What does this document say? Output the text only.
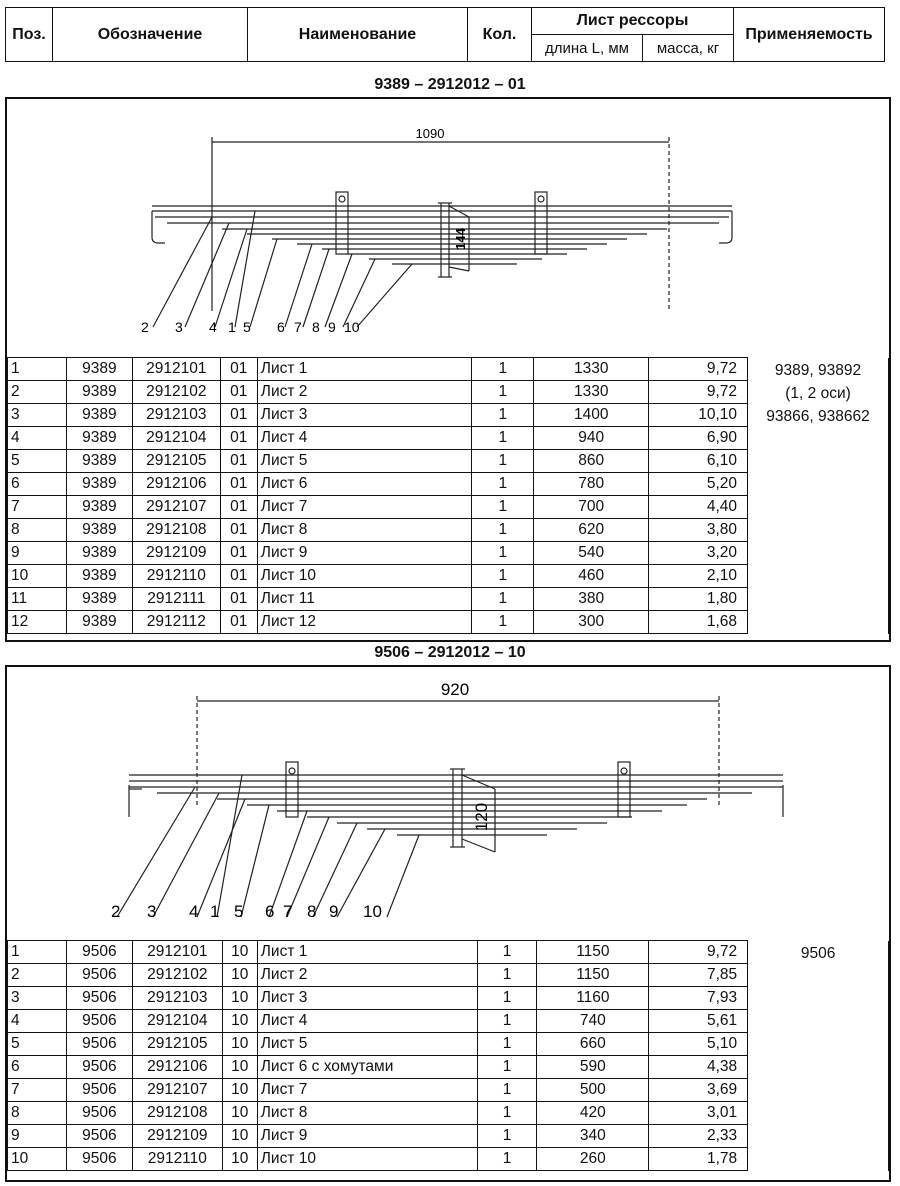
Поз.	Обозначение	Наименование	Кол.	Лист рессоры		Применяемость
				длина L, мм	масса, кг	
9389 – 2912012 – 01
1090
144
2 3 4 1 5 6 7 8 9 10
1	9389	2912101	01	Лист 1	1	1330	9,72	9389, 93892
(1, 2 оси)
93866, 938662

2	9389	2912102	01	Лист 2	1	1330	9,72	
3	9389	2912103	01	Лист 3	1	1400	10,10	
4	9389	2912104	01	Лист 4	1	940	6,90	
5	9389	2912105	01	Лист 5	1	860	6,10	
6	9389	2912106	01	Лист 6	1	780	5,20	
7	9389	2912107	01	Лист 7	1	700	4,40	
8	9389	2912108	01	Лист 8	1	620	3,80	
9	9389	2912109	01	Лист 9	1	540	3,20	
10	9389	2912110	01	Лист 10	1	460	2,10	
11	9389	2912111	01	Лист 11	1	380	1,80	
12	9389	2912112	01	Лист 12	1	300	1,68	
9506 – 2912012 – 10
920
120
2 3 4 1 5 6 7 8 9 10
1	9506	2912101	10	Лист 1	1	1150	9,72	9506

2	9506	2912102	10	Лист 2	1	1150	7,85	
3	9506	2912103	10	Лист 3	1	1160	7,93	
4	9506	2912104	10	Лист 4	1	740	5,61	
5	9506	2912105	10	Лист 5	1	660	5,10	
6	9506	2912106	10	Лист 6 с хомутами	1	590	4,38	
7	9506	2912107	10	Лист 7	1	500	3,69	
8	9506	2912108	10	Лист 8	1	420	3,01	
9	9506	2912109	10	Лист 9	1	340	2,33	
10	9506	2912110	10	Лист 10	1	260	1,78	
